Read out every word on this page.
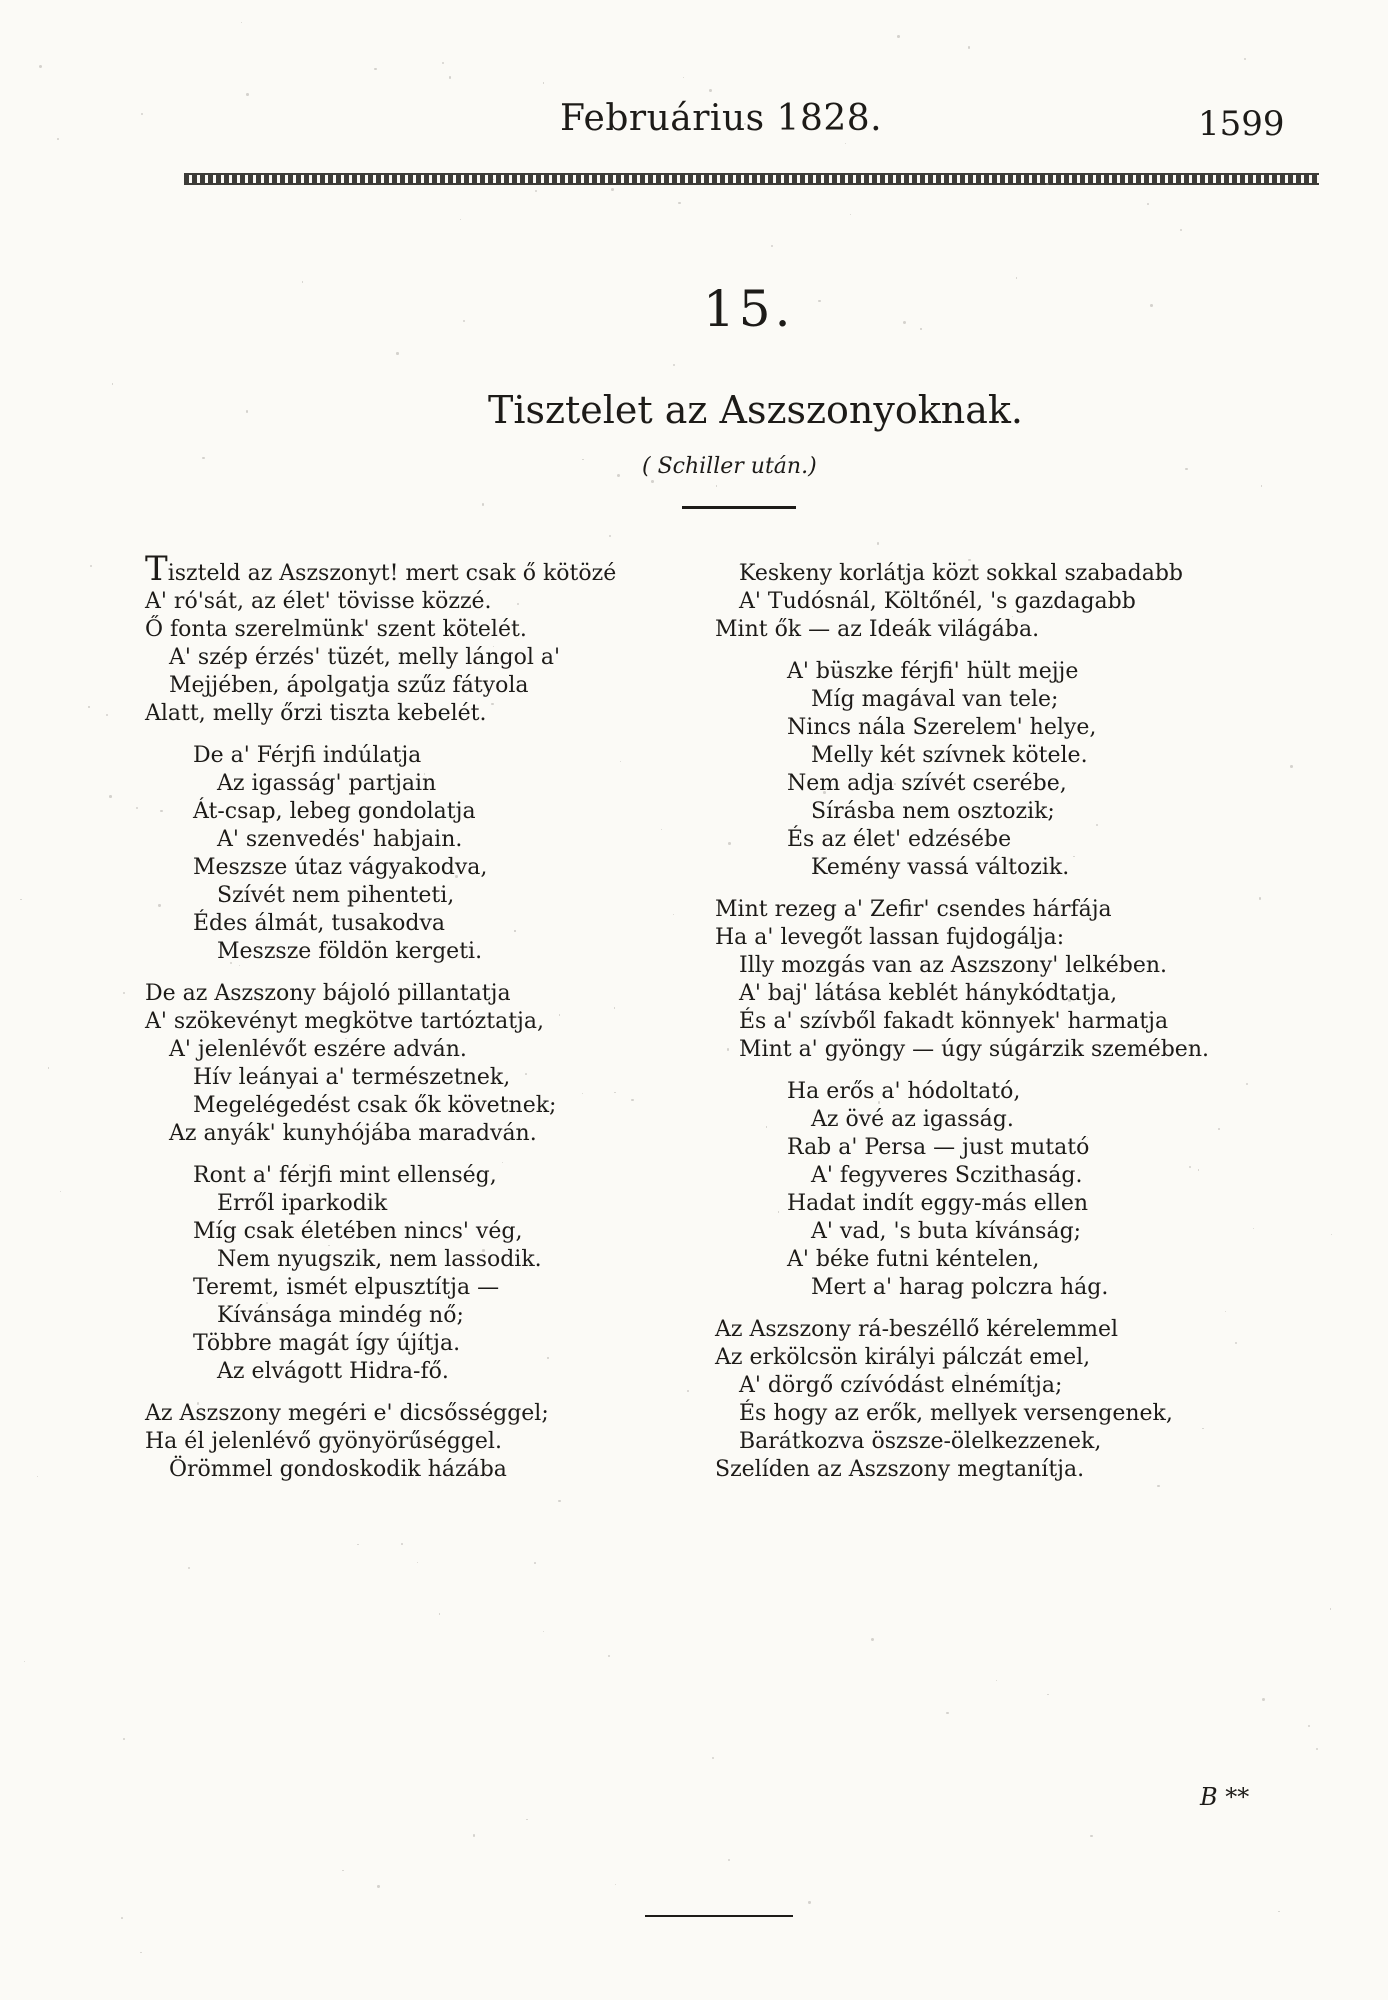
Februárius 1828.	1599
15.
Tisztelet az Aszszonyoknak.
( Schiller után.)
Tiszteld az Aszszonyt! mert csak ő kötözé
A' ró'sát, az élet' tövisse közzé.
Ő fonta szerelmünk' szent kötelét.
A' szép érzés' tüzét, melly lángol a'
Mejjében, ápolgatja szűz fátyola
Alatt, melly őrzi tiszta kebelét.
De a' Férjfi indúlatja
Az igasság' partjain
Át-csap, lebeg gondolatja
A' szenvedés' habjain.
Meszsze útaz vágyakodva,
Szívét nem pihenteti,
Édes álmát, tusakodva
Meszsze földön kergeti.
De az Aszszony bájoló pillantatja
A' szökevényt megkötve tartóztatja,
A' jelenlévőt eszére adván.
Hív leányai a' természetnek,
Megelégedést csak ők követnek;
Az anyák' kunyhójába maradván.
Ront a' férjfi mint ellenség,
Erről iparkodik
Míg csak életében nincs' vég,
Nem nyugszik, nem lassodik.
Teremt, ismét elpusztítja —
Kívánsága mindég nő;
Többre magát így újítja.
Az elvágott Hidra-fő.
Az Aszszony megéri e' dicsősséggel;
Ha él jelenlévő gyönyörűséggel.
Örömmel gondoskodik házába
Keskeny korlátja közt sokkal szabadabb
A' Tudósnál, Költőnél, 's gazdagabb
Mint ők — az Ideák világába.
A' büszke férjfi' hült mejje
Míg magával van tele;
Nincs nála Szerelem' helye,
Melly két szívnek kötele.
Nem adja szívét cserébe,
Sírásba nem osztozik;
És az élet' edzésébe
Kemény vassá változik.
Mint rezeg a' Zefir' csendes hárfája
Ha a' levegőt lassan fujdogálja:
Illy mozgás van az Aszszony' lelkében.
A' baj' látása keblét hánykódtatja,
És a' szívből fakadt könnyek' harmatja
Mint a' gyöngy — úgy súgárzik szemében.
Ha erős a' hódoltató,
Az övé az igasság.
Rab a' Persa — just mutató
A' fegyveres Sczithaság.
Hadat indít eggy-más ellen
A' vad, 's buta kívánság;
A' béke futni kéntelen,
Mert a' harag polczra hág.
Az Aszszony rá-beszéllő kérelemmel
Az erkölcsön királyi pálczát emel,
A' dörgő czívódást elnémítja;
És hogy az erők, mellyek versengenek,
Barátkozva öszsze-ölelkezzenek,
Szelíden az Aszszony megtanítja.
B **
